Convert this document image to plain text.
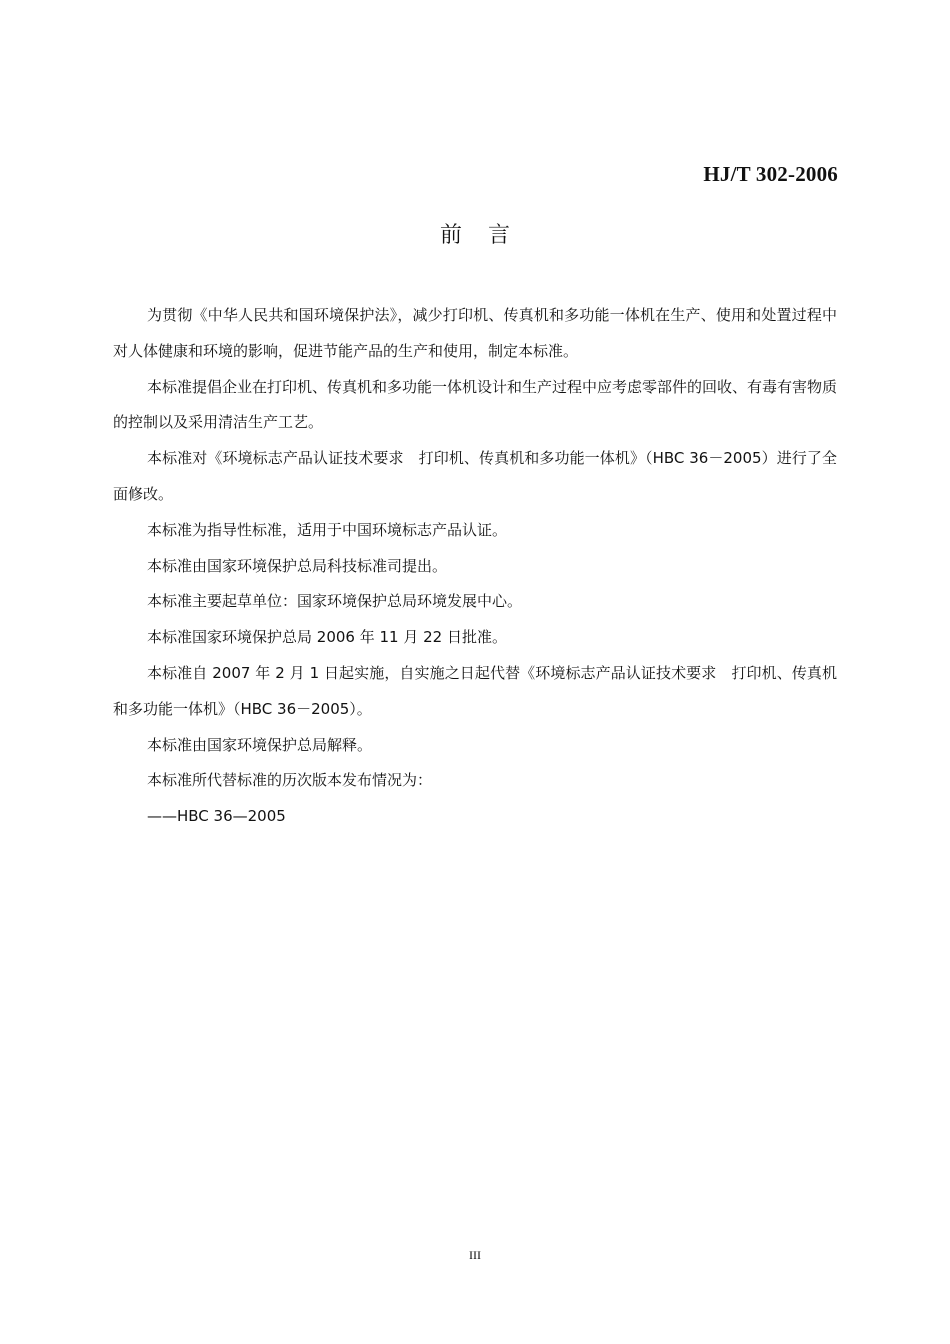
HJ/T 302-2006
前言

为贯彻《中华人民共和国环境保护法》，减少打印机、传真机和多功能一体机在生产、使用和处置过程中对人体健康和环境的影响，促进节能产品的生产和使用，制定本标准。

本标准提倡企业在打印机、传真机和多功能一体机设计和生产过程中应考虑零部件的回收、有毒有害物质的控制以及采用清洁生产工艺。

本标准对《环境标志产品认证技术要求　打印机、传真机和多功能一体机》（HBC 36－2005）进行了全面修改。

本标准为指导性标准，适用于中国环境标志产品认证。

本标准由国家环境保护总局科技标准司提出。

本标准主要起草单位：国家环境保护总局环境发展中心。

本标准国家环境保护总局 2006 年 11 月 22 日批准。

本标准自 2007 年 2 月 1 日起实施，自实施之日起代替《环境标志产品认证技术要求　打印机、传真机和多功能一体机》（HBC 36－2005）。

本标准由国家环境保护总局解释。

本标准所代替标准的历次版本发布情况为：

——HBC 36—2005

III
